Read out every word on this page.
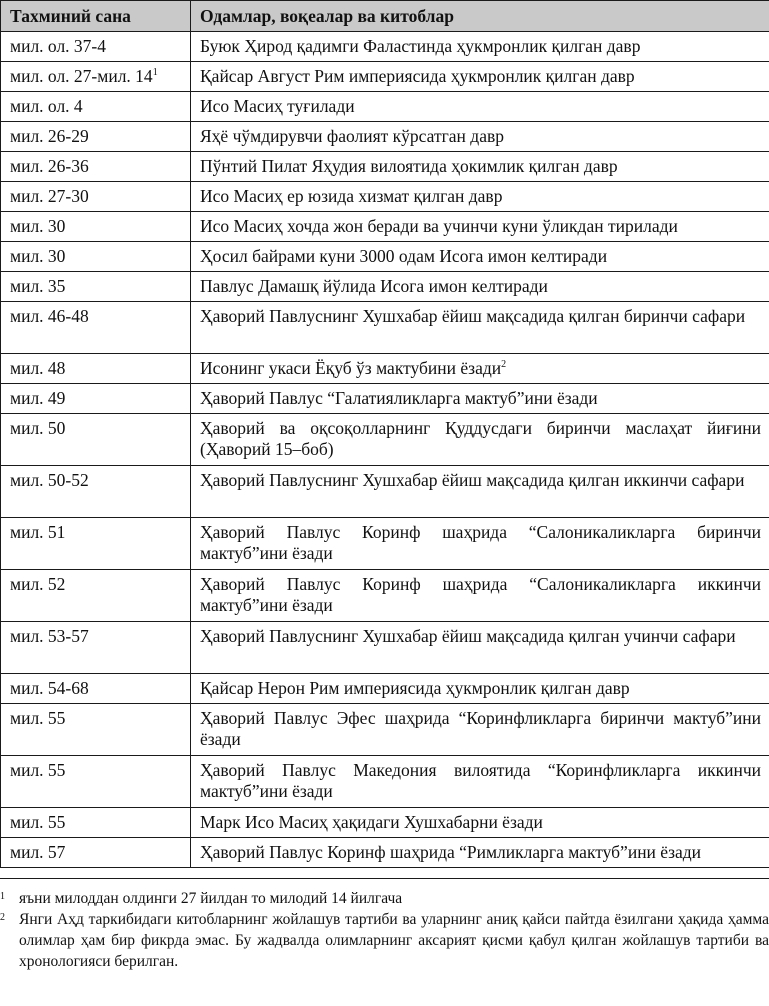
Тахминий сана	Одамлар, воқеалар ва китоблар
мил. ол. 37-4	Буюк Ҳирод қадимги Фаластинда ҳукмронлик қилган давр
мил. ол. 27-мил. $14^1$	Қайсар Август Рим империясида ҳукмронлик қилган давр
мил. ол. 4	Исо Масиҳ туғилади
мил. 26-29	Яҳё чўмдирувчи фаолият кўрсатган давр
мил. 26-36	Пўнтий Пилат Яҳудия вилоятида ҳокимлик қилган давр
мил. 27-30	Исо Масиҳ ер юзида хизмат қилган давр
мил. 30	Исо Масиҳ хочда жон беради ва учинчи куни ўликдан тирилади
мил. 30	Ҳосил байрами куни 3000 одам Исога имон келтиради
мил. 35	Павлус Дамашқ йўлида Исога имон келтиради
мил. 46-48	Ҳаворий Павлуснинг Хушхабар ёйиш мақсадида қилган биринчи сафари
мил. 48	Исонинг укаси Ёқуб ўз мактубини ёзади$^2$
мил. 49	Ҳаворий Павлус “Галатияликларга мактуб”ини ёзади
мил. 50	Ҳаворий ва оқсоқолларнинг Қуддусдаги биринчи маслаҳат йиғини (Ҳаворий 15–боб)
мил. 50-52	Ҳаворий Павлуснинг Хушхабар ёйиш мақсадида қилган иккинчи сафари
мил. 51	Ҳаворий Павлус Коринф шаҳрида “Салоникаликларга биринчи мактуб”ини ёзади
мил. 52	Ҳаворий Павлус Коринф шаҳрида “Салоникаликларга иккинчи мактуб”ини ёзади
мил. 53-57	Ҳаворий Павлуснинг Хушхабар ёйиш мақсадида қилган учинчи сафари
мил. 54-68	Қайсар Нерон Рим империясида ҳукмронлик қилган давр
мил. 55	Ҳаворий Павлус Эфес шаҳрида “Коринфликларга биринчи мактуб”ини ёзади
мил. 55	Ҳаворий Павлус Македония вилоятида “Коринфликларга иккинчи мактуб”ини ёзади
мил. 55	Марк Исо Масиҳ ҳақидаги Хушхабарни ёзади
мил. 57	Ҳаворий Павлус Коринф шаҳрида “Римликларга мактуб”ини ёзади
1 яъни милоддан олдинги 27 йилдан то милодий 14 йилгача
2 Янги Аҳд таркибидаги китобларнинг жойлашув тартиби ва уларнинг аниқ қайси пайтда ёзилгани ҳақида ҳамма олимлар ҳам бир фикрда эмас. Бу жадвалда олимларнинг аксарият қисми қабул қилган жойлашув тартиби ва хронологияси берилган.
